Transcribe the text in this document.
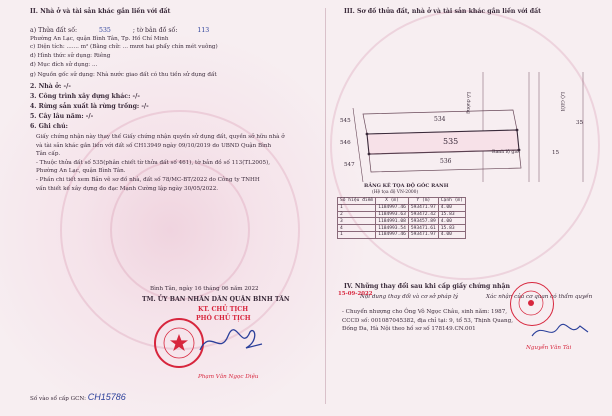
II. Nhà ở và tài sản khác gắn liền với đất
a) Thửa đất số:	535	; tờ bản đồ số:	113
Phường An Lạc, quận Bình Tân, Tp. Hồ Chí Minh
c) Diện tích: ....... m² (Bằng chữ: ... mươi hai phẩy chín mét vuông)
d) Hình thức sử dụng: Riêng
đ) Mục đích sử dụng: ...
g) Nguồn gốc sử dụng: Nhà nước giao đất có thu tiền sử dụng đất
2. Nhà ở: -/-
3. Công trình xây dựng khác: -/-
4. Rừng sản xuất là rừng trồng: -/-
5. Cây lâu năm: -/-
6. Ghi chú:
Giấy chứng nhận này thay thế Giấy chứng nhận quyền sử dụng đất, quyền sở hữu nhà ở
và tài sản khác gắn liền với đất số CH13949 ngày 09/10/2019 do UBND Quận Bình
Tân cấp.
- Thuộc thửa đất số 535(phân chiết từ thửa đất số 461), tờ bản đồ số 113(TL2005),
Phường An Lạc, quận Bình Tân.
- Phần chi tiết xem Bản vẽ sơ đồ nhà, đất số 78/MC-BT/2022 do Công ty TNHH
vấn thiết kế xây dựng đo đạc Mạnh Cường lập ngày 30/05/2022.
Bình Tân, ngày 16 tháng 06 năm 2022
TM. ỦY BAN NHÂN DÂN QUẬN BÌNH TÂN
KT. CHỦ TỊCH
PHÓ CHỦ TỊCH
Phạm Văn Ngọc Diệu
Số vào sổ cấp GCN: CH15786
III. Sơ đồ thửa đất, nhà ở và tài sản khác gắn liền với đất
535
534
536
545
546
547
15
35
Lô đường	LỘ GIỚI
Ranh lộ giới
BẢNG KÊ TỌA ĐỘ GÓC RANH
(Hệ tọa độ VN-2000)
Số hiệu điểm	X (m)	Y (m)	Cạnh (m)
1	1184997.46	593471.97	4.00
2	1184993.63	593472.42	15.83
3	1184991.08	593457.89	4.00
4	1184993.54	593471.61	15.83
1	1184997.46	593471.97	4.00
IV. Những thay đổi sau khi cấp giấy chứng nhận
Nội dung thay đổi và cơ sở pháp lý	Xác nhận của cơ quan có thẩm quyền
15-09-2022
- Chuyển nhượng cho Ông Võ Ngọc Châu, sinh năm: 1987,
CCCD số: 001087045382, địa chỉ tại: 9, tổ 53, Thịnh Quang,
Đống Đa, Hà Nội theo hồ sơ số 178149.CN.001
Nguyễn Văn Tài
